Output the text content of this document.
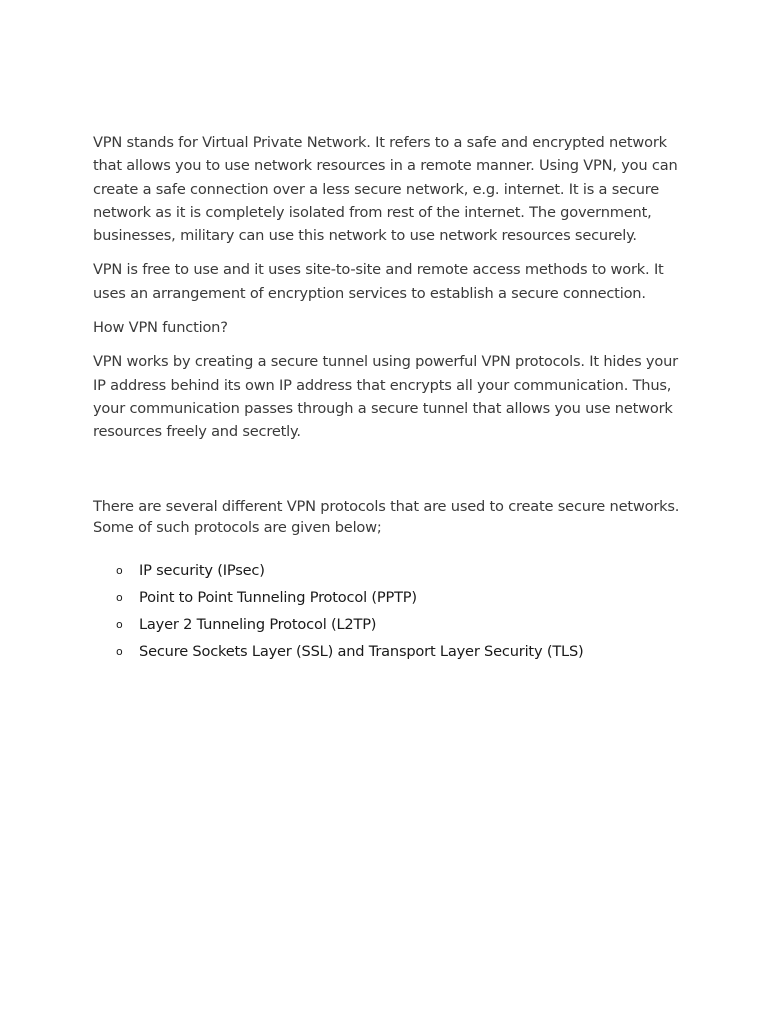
VPN stands for Virtual Private Network. It refers to a safe and encrypted network that allows you to use network resources in a remote manner. Using VPN, you can create a safe connection over a less secure network, e.g. internet. It is a secure network as it is completely isolated from rest of the internet. The government, businesses, military can use this network to use network resources securely.

VPN is free to use and it uses site-to-site and remote access methods to work. It uses an arrangement of encryption services to establish a secure connection.

How VPN function?

VPN works by creating a secure tunnel using powerful VPN protocols. It hides your IP address behind its own IP address that encrypts all your communication. Thus, your communication passes through a secure tunnel that allows you use network resources freely and secretly.

There are several different VPN protocols that are used to create secure networks. Some of such protocols are given below;

o IP security (IPsec)
o Point to Point Tunneling Protocol (PPTP)
o Layer 2 Tunneling Protocol (L2TP)
o Secure Sockets Layer (SSL) and Transport Layer Security (TLS)
